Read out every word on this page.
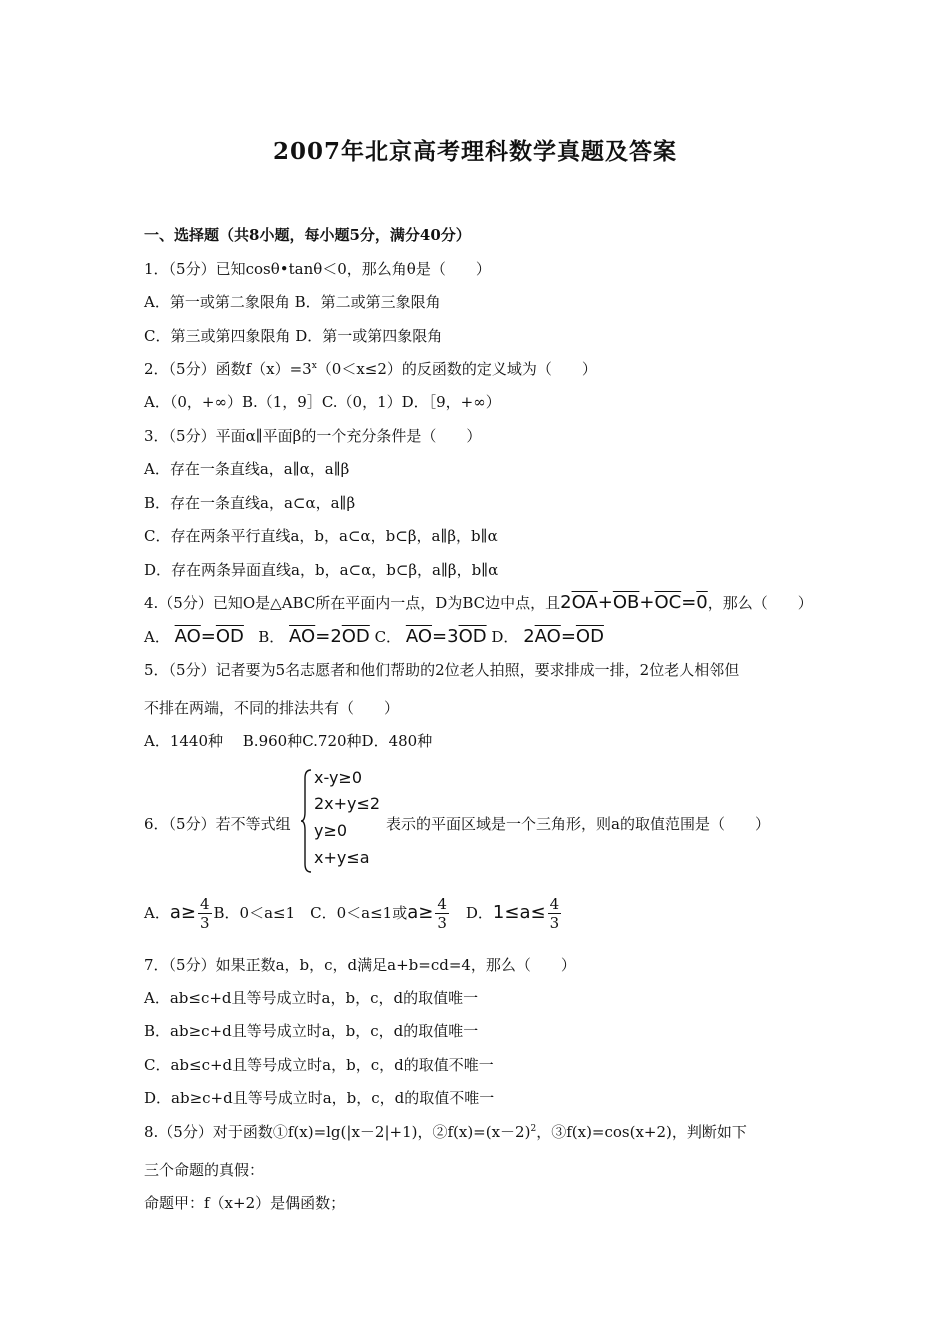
2007年北京高考理科数学真题及答案
一、选择题（共8小题，每小题5分，满分40分）
1．（5分）已知cosθ•tanθ＜0，那么角θ是（　　）
A．第一或第二象限角 B．第二或第三象限角
C．第三或第四象限角 D．第一或第四象限角
2．（5分）函数$f(x)=3^x(0<x\le 2)$的反函数的定义域为（　　）
A．（0，+∞）B.（1，9］C.（0，1）D．［9，+∞）
3．（5分）平面α∥平面β的一个充分条件是（　　）
A．存在一条直线a，a∥α，a∥β
B．存在一条直线a，a⊂α，a∥β
C．存在两条平行直线a，b，a⊂α，b⊂β，a∥β，b∥α
D．存在两条异面直线a，b，a⊂α，b⊂β，a∥β，b∥α
4.（5分）已知O是△ABC所在平面内一点，D为BC边中点，且$2\overline{OA}+\overline{OB}+\overline{OC}=0$，那么（　　）
A． $\overline{AO}=\overline{OD}$ B． $\overline{AO}=2\overline{OD}$ C． $\overline{AO}=3\overline{OD}$ D． $2\overline{AO}=\overline{OD}$
5．（5分）记者要为5名志愿者和他们帮助的2位老人拍照，要求排成一排，2位老人相邻但
不排在两端，不同的排法共有（　　）
A．1440种　 B.960种C.720种D．480种
6．（5分）若不等式组
x-y≥0
2x+y≤2
y≥0
x+y≤a
表示的平面区域是一个三角形，则a的取值范围是（　　）
A．$a\ge \frac{4}{3}$ B．0＜a≤1　C．0＜a≤1或$a\ge \frac{4}{3}$ 　D．$1\le a\le \frac{4}{3}$
7．（5分）如果正数a，b，c，d满足a+b=cd=4，那么（　　）
A．ab≤c+d且等号成立时a，b，c，d的取值唯一
B．ab≥c+d且等号成立时a，b，c，d的取值唯一
C．ab≤c+d且等号成立时a，b，c，d的取值不唯一
D．ab≥c+d且等号成立时a，b，c，d的取值不唯一
8.（5分）对于函数①f(x)=lg(|x－2|+1)，$②f(x)=(x-2)^2$，③f(x)=cos(x+2)，判断如下
三个命题的真假：
命题甲：f（x+2）是偶函数；
